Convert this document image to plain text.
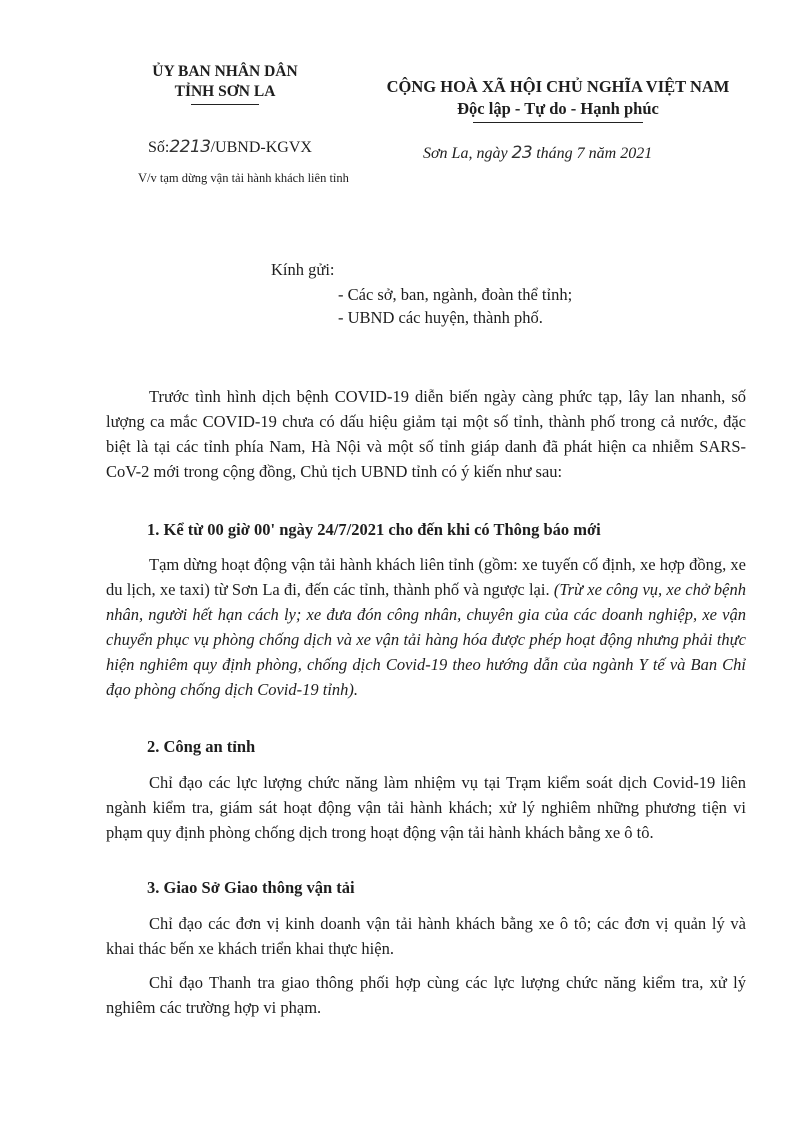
ỦY BAN NHÂN DÂN
TỈNH SƠN LA	CỘNG HOÀ XÃ HỘI CHỦ NGHĨA VIỆT NAM
Độc lập - Tự do - Hạnh phúc
Số:2213/UBND-KGVX	Sơn La, ngày 23 tháng 7 năm 2021
V/v tạm dừng vận tải hành khách liên tỉnh
Kính gửi:
- Các sở, ban, ngành, đoàn thể tỉnh;
- UBND các huyện, thành phố.

Trước tình hình dịch bệnh COVID-19 diễn biến ngày càng phức tạp, lây lan nhanh, số lượng ca mắc COVID-19 chưa có dấu hiệu giảm tại một số tỉnh, thành phố trong cả nước, đặc biệt là tại các tỉnh phía Nam, Hà Nội và một số tỉnh giáp danh đã phát hiện ca nhiễm SARS-CoV-2 mới trong cộng đồng, Chủ tịch UBND tỉnh có ý kiến như sau:

1. Kể từ 00 giờ 00' ngày 24/7/2021 cho đến khi có Thông báo mới

Tạm dừng hoạt động vận tải hành khách liên tỉnh (gồm: xe tuyến cố định, xe hợp đồng, xe du lịch, xe taxi) từ Sơn La đi, đến các tỉnh, thành phố và ngược lại. (Trừ xe công vụ, xe chở bệnh nhân, người hết hạn cách ly; xe đưa đón công nhân, chuyên gia của các doanh nghiệp, xe vận chuyển phục vụ phòng chống dịch và xe vận tải hàng hóa được phép hoạt động nhưng phải thực hiện nghiêm quy định phòng, chống dịch Covid-19 theo hướng dẫn của ngành Y tế và Ban Chỉ đạo phòng chống dịch Covid-19 tỉnh).

2. Công an tỉnh

Chỉ đạo các lực lượng chức năng làm nhiệm vụ tại Trạm kiểm soát dịch Covid-19 liên ngành kiểm tra, giám sát hoạt động vận tải hành khách; xử lý nghiêm những phương tiện vi phạm quy định phòng chống dịch trong hoạt động vận tải hành khách bằng xe ô tô.

3. Giao Sở Giao thông vận tải

Chỉ đạo các đơn vị kinh doanh vận tải hành khách bằng xe ô tô; các đơn vị quản lý và khai thác bến xe khách triển khai thực hiện.

Chỉ đạo Thanh tra giao thông phối hợp cùng các lực lượng chức năng kiểm tra, xử lý nghiêm các trường hợp vi phạm.
